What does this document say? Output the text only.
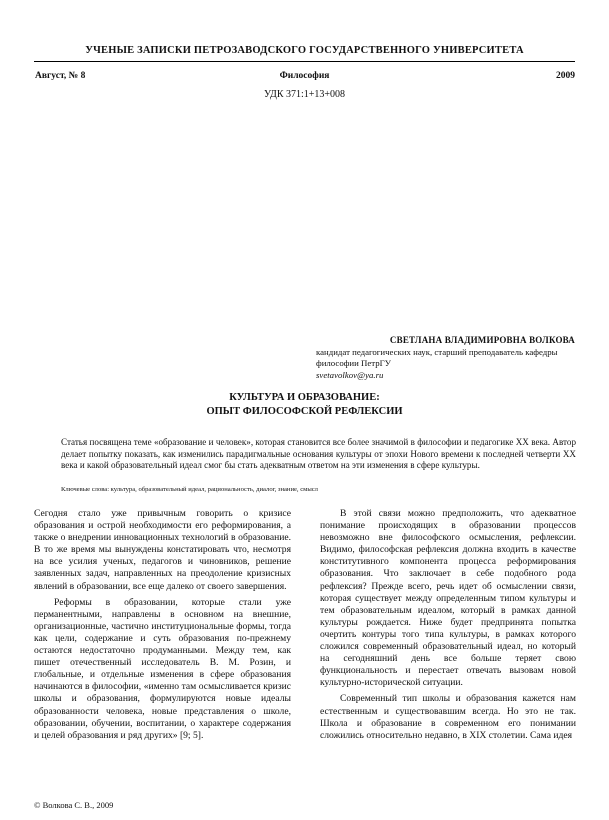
УЧЕНЫЕ ЗАПИСКИ ПЕТРОЗАВОДСКОГО ГОСУДАРСТВЕННОГО УНИВЕРСИТЕТА
Август, № 8	Философия	2009
УДК 371:1+13+008
СВЕТЛАНА ВЛАДИМИРОВНА ВОЛКОВА
кандидат педагогических наук, старший преподаватель кафедры философии ПетрГУ
svetavolkov@ya.ru
КУЛЬТУРА И ОБРАЗОВАНИЕ:
ОПЫТ ФИЛОСОФСКОЙ РЕФЛЕКСИИ
Статья посвящена теме «образование и человек», которая становится все более значимой в философии и педагогике XX века. Автор делает попытку показать, как изменились парадигмальные основания культуры от эпохи Нового времени к последней четверти XX века и какой образовательный идеал смог бы стать адекватным ответом на эти изменения в сфере культуры.
Ключевые слова: культура, образовательный идеал, рациональность, диалог, знание, смысл

Сегодня стало уже привычным говорить о кризисе образования и острой необходимости его реформирования, а также о внедрении инновационных технологий в образование. В то же время мы вынуждены констатировать что, несмотря на все усилия ученых, педагогов и чиновников, решение заявленных задач, направленных на преодоление кризисных явлений в образовании, все еще далеко от своего завершения.

Реформы в образовании, которые стали уже перманентными, направлены в основном на внешние, организационные, частично институциональные формы, тогда как цели, содержание и суть образования по-прежнему остаются недостаточно продуманными. Между тем, как пишет отечественный исследователь В. М. Розин, и глобальные, и отдельные изменения в сфере образования начинаются в философии, «именно там осмысливается кризис школы и образования, формулируются новые идеалы образованности человека, новые представления о школе, образовании, обучении, воспитании, о характере содержания и целей образования и ряд других» [9; 5].

В этой связи можно предположить, что адекватное понимание происходящих в образовании процессов невозможно вне философского осмысления, рефлексии. Видимо, философская рефлексия должна входить в качестве конститутивного компонента процесса реформирования образования. Что заключает в себе подобного рода рефлексия? Прежде всего, речь идет об осмыслении связи, которая существует между определенным типом культуры и тем образовательным идеалом, который в рамках данной культуры рождается. Ниже будет предпринята попытка очертить контуры того типа культуры, в рамках которого сложился современный образовательный идеал, но который на сегодняшний день все больше теряет свою функциональность и перестает отвечать вызовам новой культурно-исторической ситуации.

Современный тип школы и образования кажется нам естественным и существовавшим всегда. Но это не так. Школа и образование в современном его понимании сложились относительно недавно, в XIX столетии. Сама идея

© Волкова С. В., 2009
